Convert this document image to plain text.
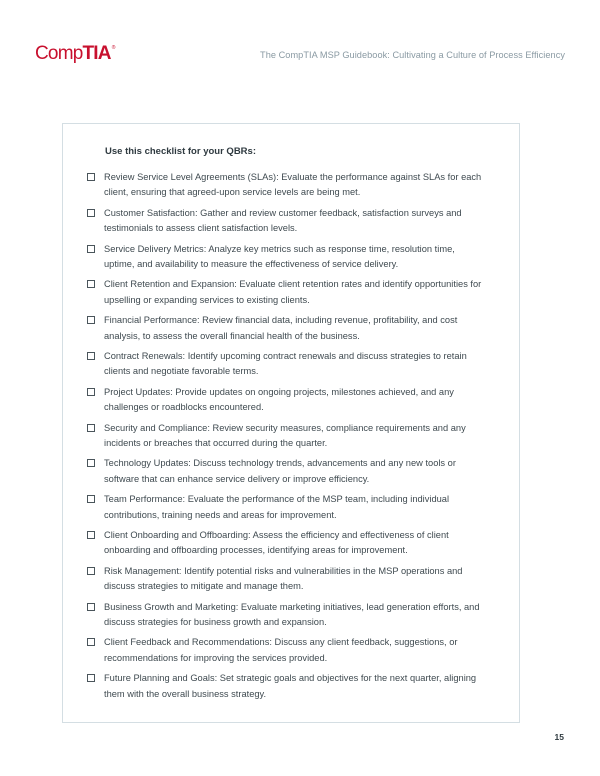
Comp TIA ®
The CompTIA MSP Guidebook: Cultivating a Culture of Process Efficiency
Use this checklist for your QBRs:
Review Service Level Agreements (SLAs): Evaluate the performance against SLAs for each client, ensuring that agreed-upon service levels are being met.
Customer Satisfaction: Gather and review customer feedback, satisfaction surveys and testimonials to assess client satisfaction levels.
Service Delivery Metrics: Analyze key metrics such as response time, resolution time, uptime, and availability to measure the effectiveness of service delivery.
Client Retention and Expansion: Evaluate client retention rates and identify opportunities for upselling or expanding services to existing clients.
Financial Performance: Review financial data, including revenue, profitability, and cost analysis, to assess the overall financial health of the business.
Contract Renewals: Identify upcoming contract renewals and discuss strategies to retain clients and negotiate favorable terms.
Project Updates: Provide updates on ongoing projects, milestones achieved, and any challenges or roadblocks encountered.
Security and Compliance: Review security measures, compliance requirements and any incidents or breaches that occurred during the quarter.
Technology Updates: Discuss technology trends, advancements and any new tools or software that can enhance service delivery or improve efficiency.
Team Performance: Evaluate the performance of the MSP team, including individual contributions, training needs and areas for improvement.
Client Onboarding and Offboarding: Assess the efficiency and effectiveness of client onboarding and offboarding processes, identifying areas for improvement.
Risk Management: Identify potential risks and vulnerabilities in the MSP operations and discuss strategies to mitigate and manage them.
Business Growth and Marketing: Evaluate marketing initiatives, lead generation efforts, and discuss strategies for business growth and expansion.
Client Feedback and Recommendations: Discuss any client feedback, suggestions, or recommendations for improving the services provided.
Future Planning and Goals: Set strategic goals and objectives for the next quarter, aligning them with the overall business strategy.
15
